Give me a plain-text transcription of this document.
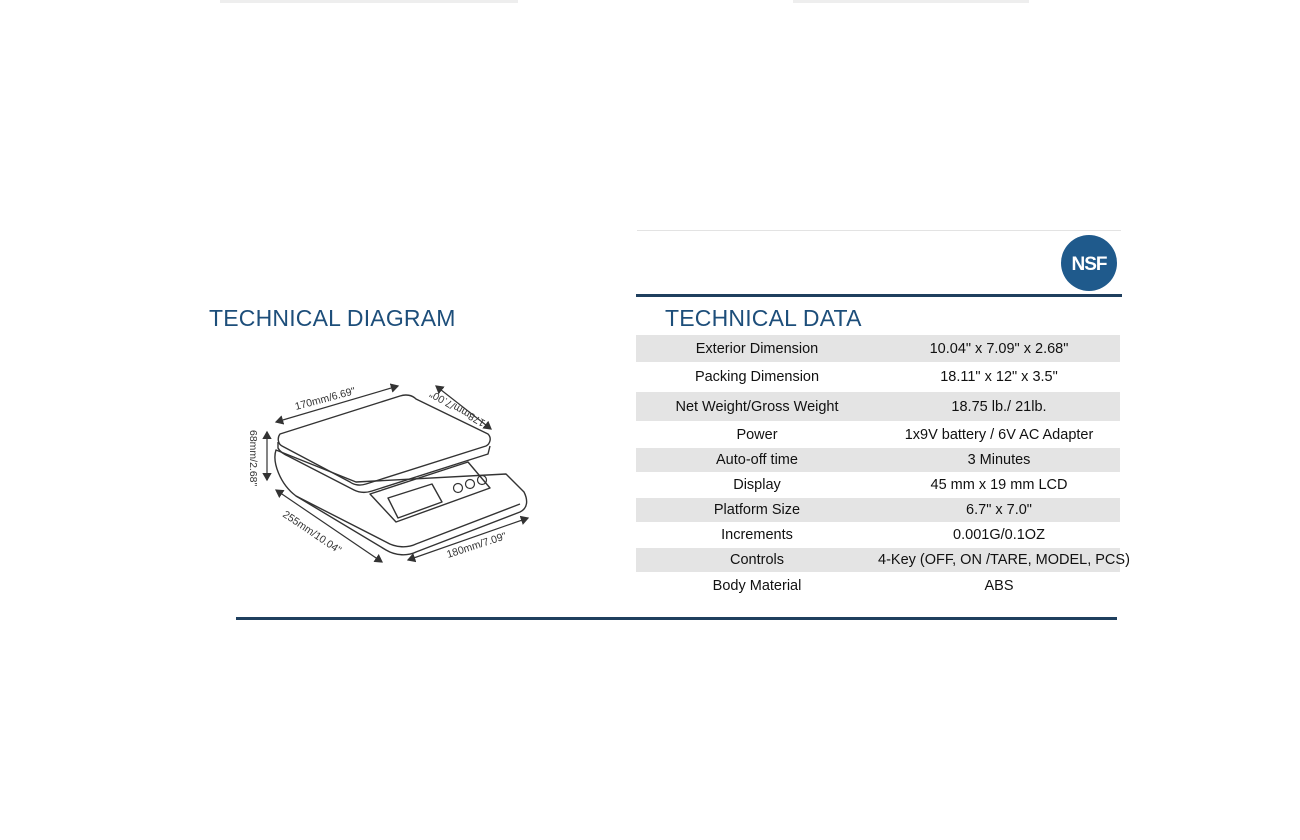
TECHNICAL DIAGRAM
170mm/6.69"	178mm/7.00"
68mm/2.68"
255mm/10.04"	180mm/7.09"
NSF
TECHNICAL DATA
Exterior Dimension	10.04" x 7.09" x 2.68"
Packing Dimension	18.11" x 12" x 3.5"
Net Weight/Gross Weight	18.75 lb./ 21lb.
Power	1x9V battery / 6V AC Adapter
Auto-off time	3 Minutes
Display	45 mm x 19 mm LCD
Platform Size	6.7" x 7.0"
Increments	0.001G/0.1OZ
Controls	4-Key (OFF, ON /TARE, MODEL, PCS)
Body Material	ABS
